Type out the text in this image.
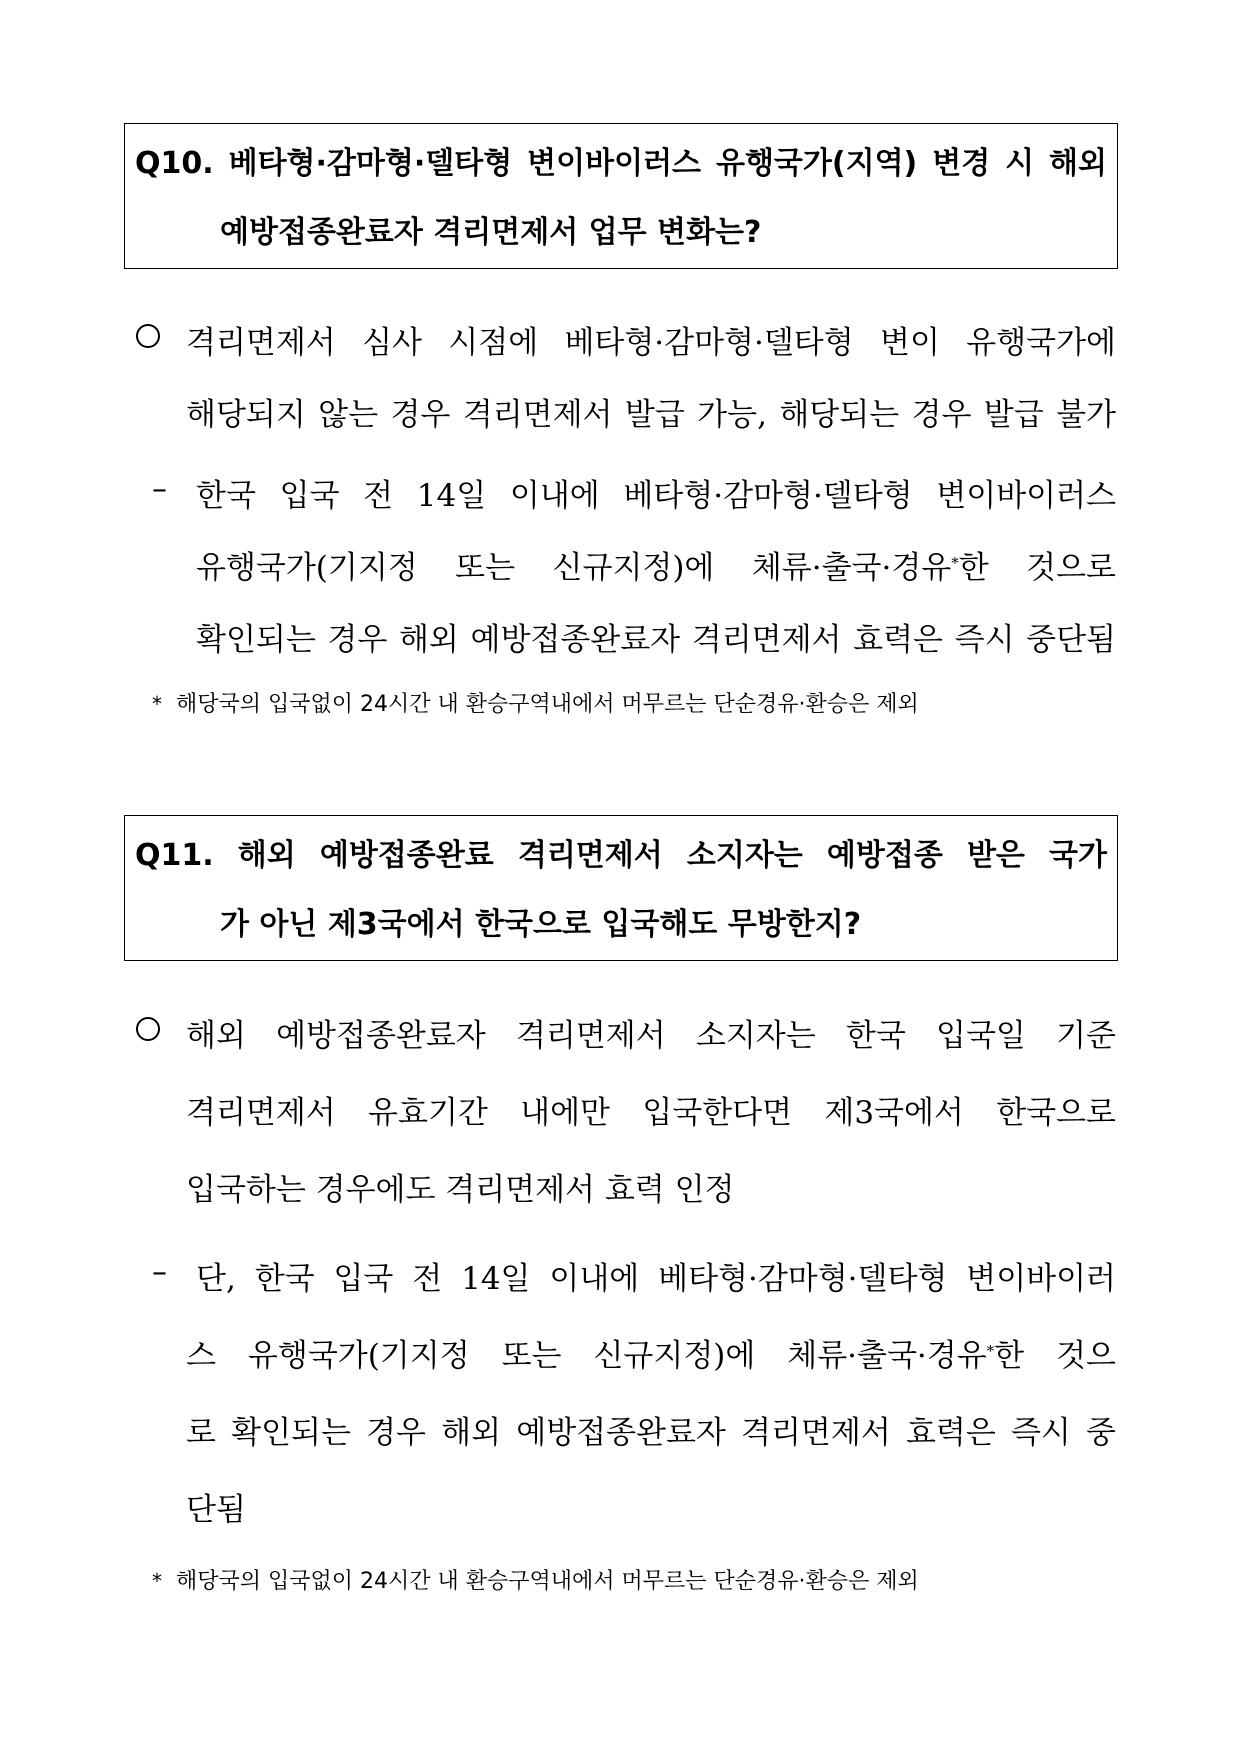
Q10. 베타형·감마형·델타형 변이바이러스 유행국가(지역) 변경 시 해외
예방접종완료자 격리면제서 업무 변화는?
격리면제서 심사 시점에 베타형·감마형·델타형 변이 유행국가에
해당되지 않는 경우 격리면제서 발급 가능, 해당되는 경우 발급 불가
– 한국 입국 전 14일 이내에 베타형·감마형·델타형 변이바이러스
유행국가(기지정 또는 신규지정)에 체류·출국·경유*한 것으로
확인되는 경우 해외 예방접종완료자 격리면제서 효력은 즉시 중단됨
* 해당국의 입국없이 24시간 내 환승구역내에서 머무르는 단순경유·환승은 제외
Q11. 해외 예방접종완료 격리면제서 소지자는 예방접종 받은 국가
가 아닌 제3국에서 한국으로 입국해도 무방한지?
해외 예방접종완료자 격리면제서 소지자는 한국 입국일 기준
격리면제서 유효기간 내에만 입국한다면 제3국에서 한국으로
입국하는 경우에도 격리면제서 효력 인정
– 단, 한국 입국 전 14일 이내에 베타형·감마형·델타형 변이바이러
스 유행국가(기지정 또는 신규지정)에 체류·출국·경유*한 것으
로 확인되는 경우 해외 예방접종완료자 격리면제서 효력은 즉시 중
단됨
* 해당국의 입국없이 24시간 내 환승구역내에서 머무르는 단순경유·환승은 제외
